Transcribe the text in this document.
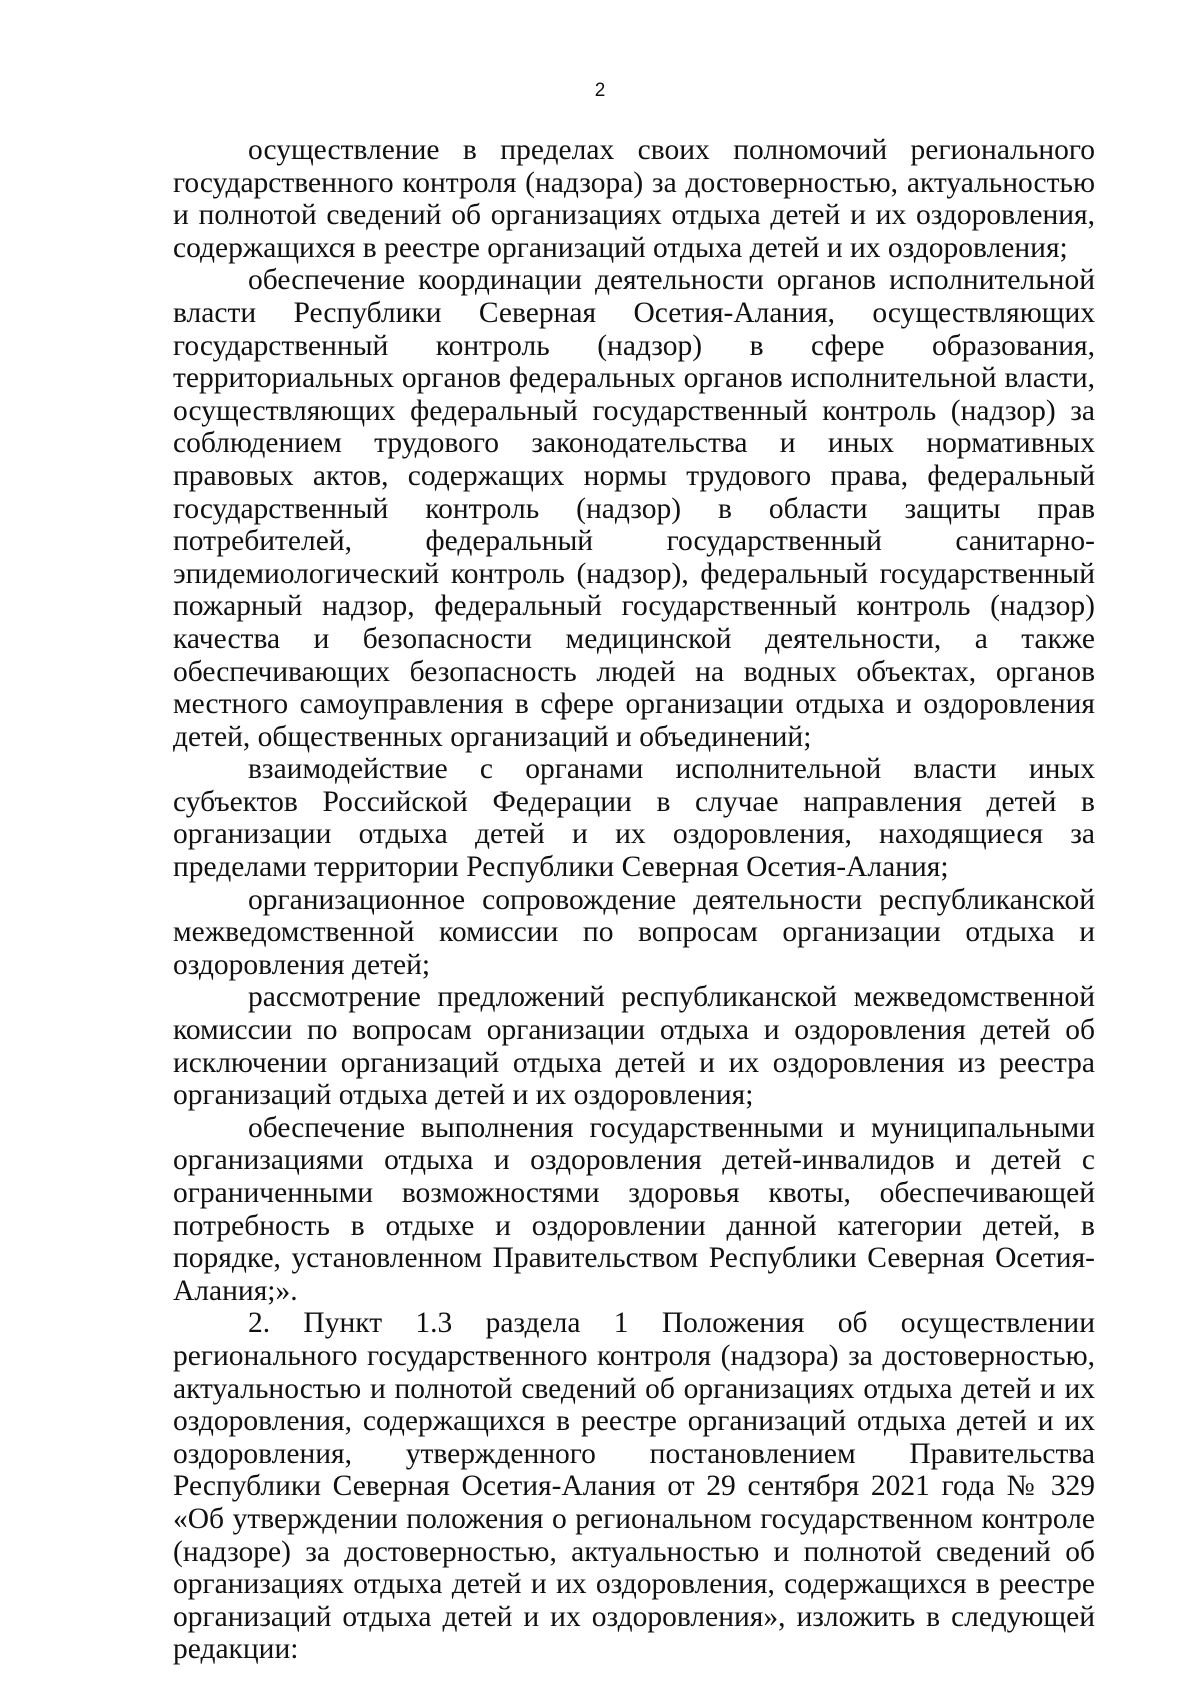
2

осуществление в пределах своих полномочий регионального государственного контроля (надзора) за достоверностью, актуальностью и полнотой сведений об организациях отдыха детей и их оздоровления, содержащихся в реестре организаций отдыха детей и их оздоровления;

обеспечение координации деятельности органов исполнительной власти Республики Северная Осетия-Алания, осуществляющих государственный контроль (надзор) в сфере образования, территориальных органов федеральных органов исполнительной власти, осуществляющих федеральный государственный контроль (надзор) за соблюдением трудового законодательства и иных нормативных правовых актов, содержащих нормы трудового права, федеральный государственный контроль (надзор) в области защиты прав потребителей, федеральный государственный санитарно-эпидемиологический контроль (надзор), федеральный государственный пожарный надзор, федеральный государственный контроль (надзор) качества и безопасности медицинской деятельности, а также обеспечивающих безопасность людей на водных объектах, органов местного самоуправления в сфере организации отдыха и оздоровления детей, общественных организаций и объединений;

взаимодействие с органами исполнительной власти иных субъектов Российской Федерации в случае направления детей в организации отдыха детей и их оздоровления, находящиеся за пределами территории Республики Северная Осетия-Алания;

организационное сопровождение деятельности республиканской межведомственной комиссии по вопросам организации отдыха и оздоровления детей;

рассмотрение предложений республиканской межведомственной комиссии по вопросам организации отдыха и оздоровления детей об исключении организаций отдыха детей и их оздоровления из реестра организаций отдыха детей и их оздоровления;

обеспечение выполнения государственными и муниципальными организациями отдыха и оздоровления детей-инвалидов и детей с ограниченными возможностями здоровья квоты, обеспечивающей потребность в отдыхе и оздоровлении данной категории детей, в порядке, установленном Правительством Республики Северная Осетия-Алания;».

2. Пункт 1.3 раздела 1 Положения об осуществлении регионального государственного контроля (надзора) за достоверностью, актуальностью и полнотой сведений об организациях отдыха детей и их оздоровления, содержащихся в реестре организаций отдыха детей и их оздоровления, утвержденного постановлением Правительства Республики Северная Осетия-Алания от 29 сентября 2021 года № 329 «Об утверждении положения о региональном государственном контроле (надзоре) за достоверностью, актуальностью и полнотой сведений об организациях отдыха детей и их оздоровления, содержащихся в реестре организаций отдыха детей и их оздоровления», изложить в следующей редакции:
